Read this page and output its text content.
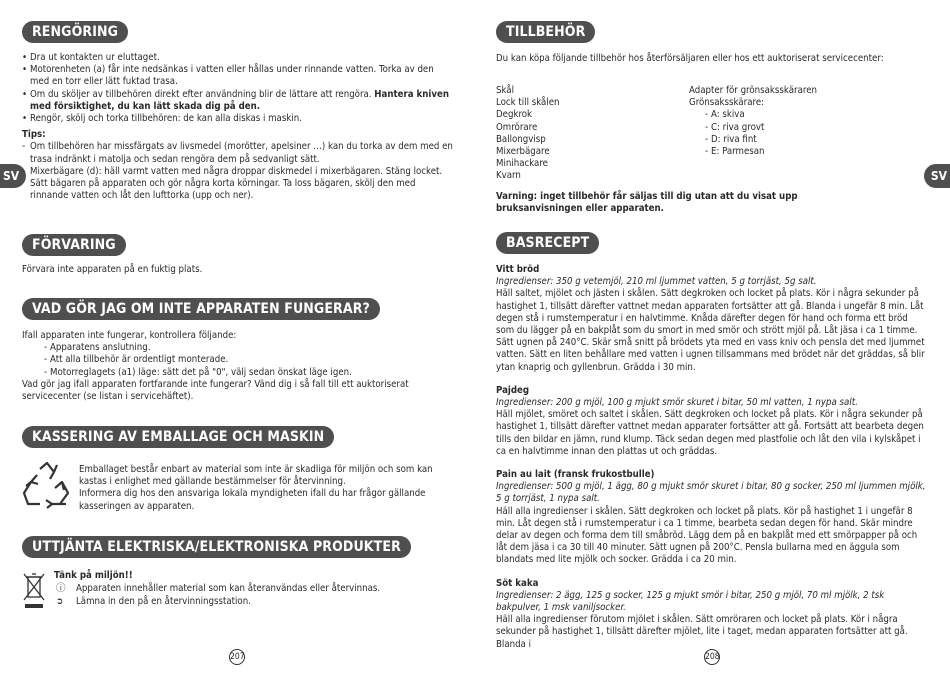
SV	SV
RENGÖRING
• Dra ut kontakten ur eluttaget.
• Motorenheten (a) får inte nedsänkas i vatten eller hållas under rinnande vatten. Torka av den med en torr eller lätt fuktad trasa.
• Om du sköljer av tillbehören direkt efter användning blir de lättare att rengöra. Hantera kniven med försiktighet, du kan lätt skada dig på den.
• Rengör, skölj och torka tillbehören: de kan alla diskas i maskin.
Tips:
- Om tillbehören har missfärgats av livsmedel (morötter, apelsiner …) kan du torka av dem med en trasa indränkt i matolja och sedan rengöra dem på sedvanligt sätt.
- Mixerbägare (d): häll varmt vatten med några droppar diskmedel i mixerbägaren. Stäng locket. Sätt bägaren på apparaten och gör några korta körningar. Ta loss bägaren, skölj den med rinnande vatten och låt den lufttorka (upp och ner).
FÖRVARING
Förvara inte apparaten på en fuktig plats.
VAD GÖR JAG OM INTE APPARATEN FUNGERAR?
Ifall apparaten inte fungerar, kontrollera följande:
- Apparatens anslutning.
- Att alla tillbehör är ordentligt monterade.
- Motorreglagets (a1) läge: sätt det på "0", välj sedan önskat läge igen.
Vad gör jag ifall apparaten fortfarande inte fungerar? Vänd dig i så fall till ett auktoriserat servicecenter (se listan i servicehäftet).
KASSERING AV EMBALLAGE OCH MASKIN
Emballaget består enbart av material som inte är skadliga för miljön och som kan kastas i enlighet med gällande bestämmelser för återvinning.
Informera dig hos den ansvariga lokala myndigheten ifall du har frågor gällande kasseringen av apparaten.
UTTJÄNTA ELEKTRISKA/ELEKTRONISKA PRODUKTER
Tänk på miljön!!
ⓘ Apparaten innehåller material som kan återanvändas eller återvinnas.
➲ Lämna in den på en återvinningsstation.
207
TILLBEHÖR
Du kan köpa följande tillbehör hos återförsäljaren eller hos ett auktoriserat servicecenter:
Skål
Lock till skålen
Degkrok
Omrörare
Ballongvisp
Mixerbägare
Minihackare
Kvarn
Adapter för grönsaksskäraren
Grönsaksskärare:
- A: skiva
- C: riva grovt
- D: riva fint
- E: Parmesan
Varning: inget tillbehör får säljas till dig utan att du visat upp bruksanvisningen eller apparaten.
BASRECEPT
Vitt bröd
Ingredienser: 350 g vetemjöl, 210 ml ljummet vatten, 5 g torrjäst, 5g salt.
Häll saltet, mjölet och jästen i skålen. Sätt degkroken och locket på plats. Kör i några sekunder på hastighet 1, tillsätt därefter vattnet medan apparaten fortsätter att gå. Blanda i ungefär 8 min. Låt degen stå i rumstemperatur i en halvtimme. Knåda därefter degen för hand och forma ett bröd som du lägger på en bakplåt som du smort in med smör och strött mjöl på. Låt jäsa i ca 1 timme. Sätt ugnen på 240°C. Skär små snitt på brödets yta med en vass kniv och pensla det med ljummet vatten. Sätt en liten behållare med vatten i ugnen tillsammans med brödet när det gräddas, så blir ytan knaprig och gyllenbrun. Grädda i 30 min.
Pajdeg
Ingredienser: 200 g mjöl, 100 g mjukt smör skuret i bitar, 50 ml vatten, 1 nypa salt.
Häll mjölet, smöret och saltet i skålen. Sätt degkroken och locket på plats. Kör i några sekunder på hastighet 1, tillsätt därefter vattnet medan apparater fortsätter att gå. Fortsätt att bearbeta degen tills den bildar en jämn, rund klump. Täck sedan degen med plastfolie och låt den vila i kylskåpet i ca en halvtimme innan den plattas ut och gräddas.
Pain au lait (fransk frukostbulle)
Ingredienser: 500 g mjöl, 1 ägg, 80 g mjukt smör skuret i bitar, 80 g socker, 250 ml ljummen mjölk, 5 g torrjäst, 1 nypa salt.
Häll alla ingredienser i skålen. Sätt degkroken och locket på plats. Kör på hastighet 1 i ungefär 8 min. Låt degen stå i rumstemperatur i ca 1 timme, bearbeta sedan degen för hand. Skär mindre delar av degen och forma dem till småbröd. Lägg dem på en bakplåt med ett smörpapper på och låt dem jäsa i ca 30 till 40 minuter. Sätt ugnen på 200°C. Pensla bullarna med en äggula som blandats med lite mjölk och socker. Grädda i ca 20 min.
Söt kaka
Ingredienser: 2 ägg, 125 g socker, 125 g mjukt smör i bitar, 250 g mjöl, 70 ml mjölk, 2 tsk bakpulver, 1 msk vaniljsocker.
Häll alla ingredienser förutom mjölet i skålen. Sätt omröraren och locket på plats. Kör i några sekunder på hastighet 1, tillsätt därefter mjölet, lite i taget, medan apparaten fortsätter att gå. Blanda i
208
